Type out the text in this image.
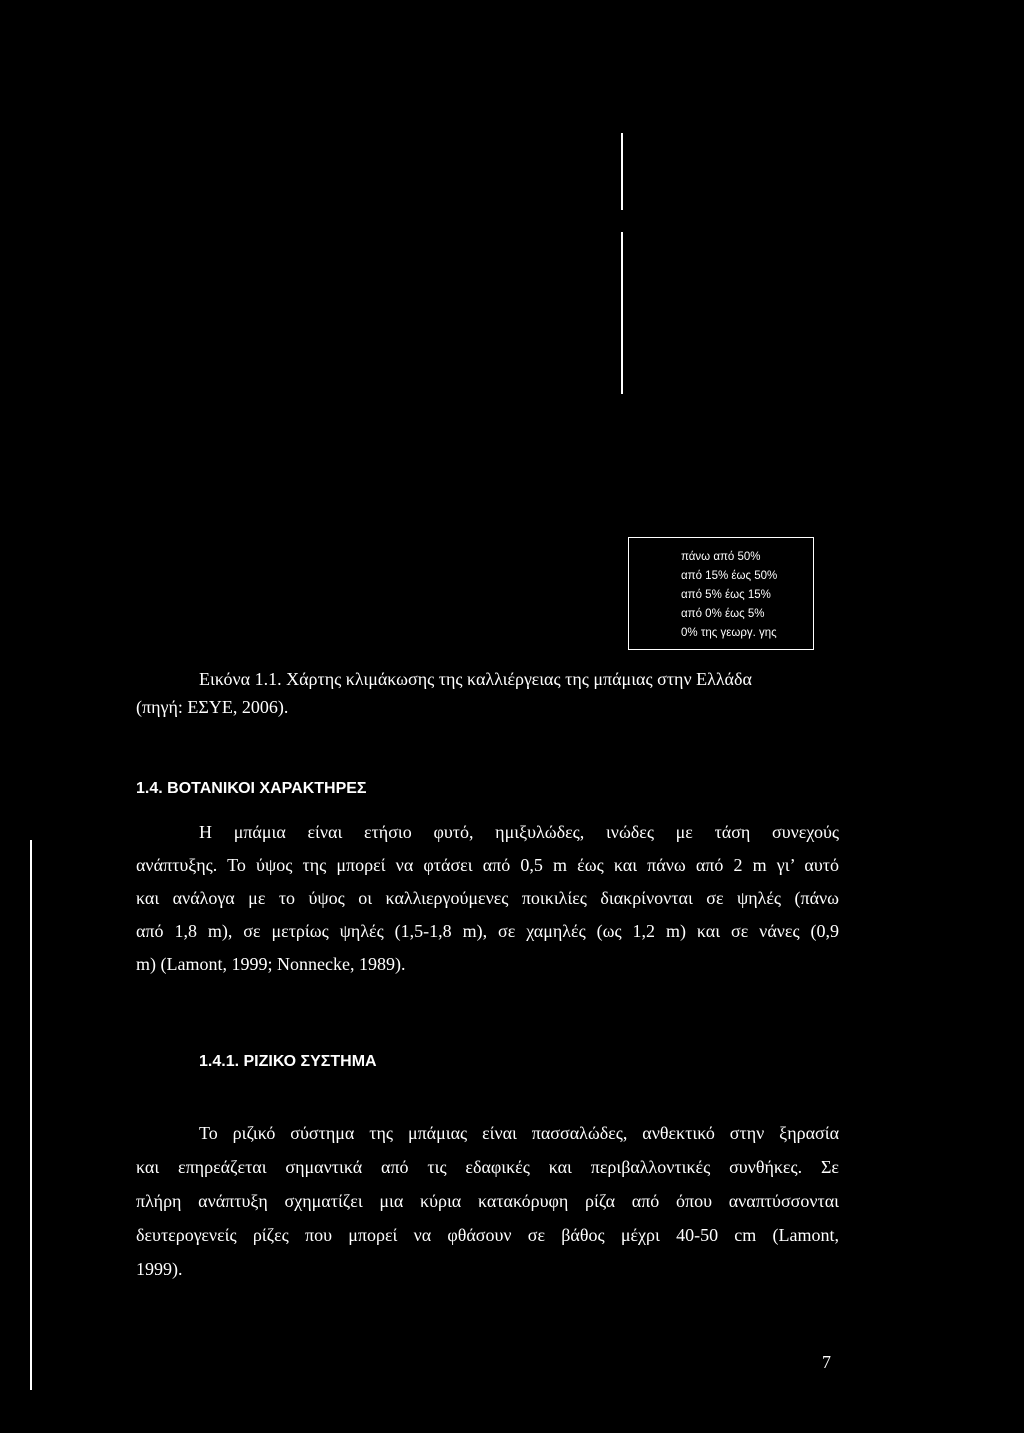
πάνω από 50%
από 15% έως 50%
από 5% έως 15%
από 0% έως 5%
0% της γεωργ. γης
Εικόνα 1.1. Χάρτης κλιμάκωσης της καλλιέργειας της μπάμιας στην Ελλάδα
(πηγή: ΕΣΥΕ, 2006).
1.4. ΒΟΤΑΝΙΚΟΙ ΧΑΡΑΚΤΗΡΕΣ
Η μπάμια είναι ετήσιο φυτό, ημιξυλώδες, ινώδες με τάση συνεχούς
ανάπτυξης. Το ύψος της μπορεί να φτάσει από 0,5 m έως και πάνω από 2 m γι’ αυτό
και ανάλογα με το ύψος οι καλλιεργούμενες ποικιλίες διακρίνονται σε ψηλές (πάνω
από 1,8 m), σε μετρίως ψηλές (1,5-1,8 m), σε χαμηλές (ως 1,2 m) και σε νάνες (0,9
m) (Lamont, 1999; Nonnecke, 1989).
1.4.1. ΡΙΖΙΚΟ ΣΥΣΤΗΜΑ
Το ριζικό σύστημα της μπάμιας είναι πασσαλώδες, ανθεκτικό στην ξηρασία
και επηρεάζεται σημαντικά από τις εδαφικές και περιβαλλοντικές συνθήκες. Σε
πλήρη ανάπτυξη σχηματίζει μια κύρια κατακόρυφη ρίζα από όπου αναπτύσσονται
δευτερογενείς ρίζες που μπορεί να φθάσουν σε βάθος μέχρι 40-50 cm (Lamont,
1999).
7
